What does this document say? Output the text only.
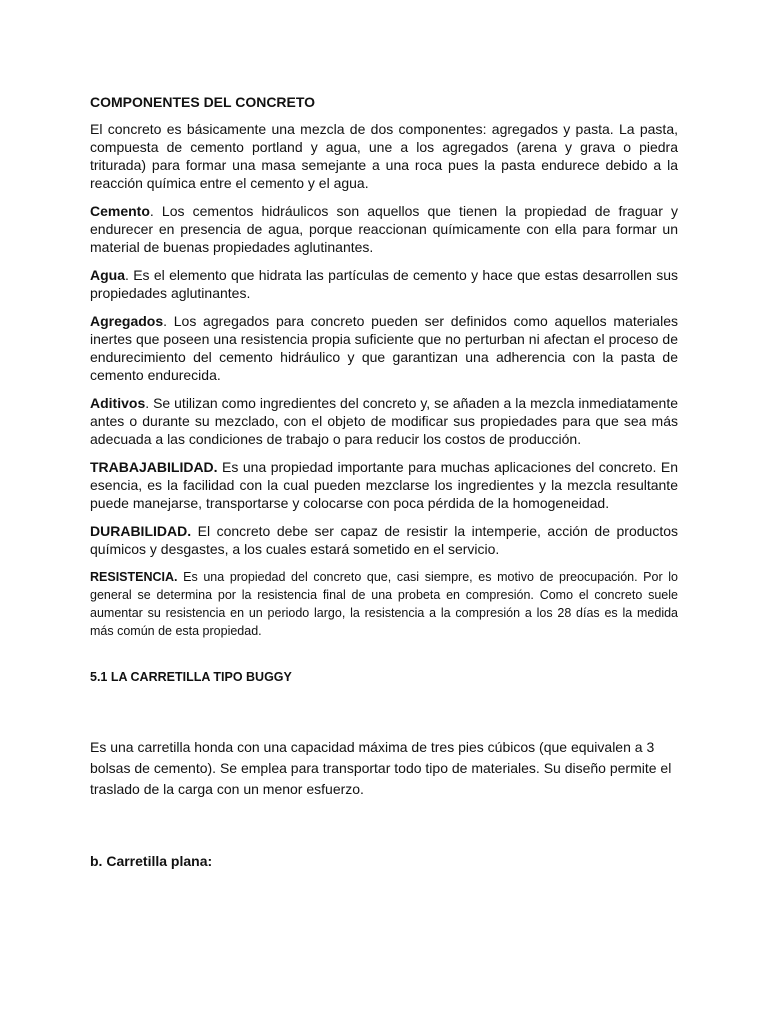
COMPONENTES DEL CONCRETO

El concreto es básicamente una mezcla de dos componentes: agregados y pasta. La pasta, compuesta de cemento portland y agua, une a los agregados (arena y grava o piedra triturada) para formar una masa semejante a una roca pues la pasta endurece debido a la reacción química entre el cemento y el agua.

Cemento. Los cementos hidráulicos son aquellos que tienen la propiedad de fraguar y endurecer en presencia de agua, porque reaccionan químicamente con ella para formar un material de buenas propiedades aglutinantes.

Agua. Es el elemento que hidrata las partículas de cemento y hace que estas desarrollen sus propiedades aglutinantes.

Agregados. Los agregados para concreto pueden ser definidos como aquellos materiales inertes que poseen una resistencia propia suficiente que no perturban ni afectan el proceso de endurecimiento del cemento hidráulico y que garantizan una adherencia con la pasta de cemento endurecida.

Aditivos. Se utilizan como ingredientes del concreto y, se añaden a la mezcla inmediatamente antes o durante su mezclado, con el objeto de modificar sus propiedades para que sea más adecuada a las condiciones de trabajo o para reducir los costos de producción.

TRABAJABILIDAD. Es una propiedad importante para muchas aplicaciones del concreto. En esencia, es la facilidad con la cual pueden mezclarse los ingredientes y la mezcla resultante puede manejarse, transportarse y colocarse con poca pérdida de la homogeneidad.

DURABILIDAD. El concreto debe ser capaz de resistir la intemperie, acción de productos químicos y desgastes, a los cuales estará sometido en el servicio.

RESISTENCIA. Es una propiedad del concreto que, casi siempre, es motivo de preocupación. Por lo general se determina por la resistencia final de una probeta en compresión. Como el concreto suele aumentar su resistencia en un periodo largo, la resistencia a la compresión a los 28 días es la medida más común de esta propiedad.

5.1 LA CARRETILLA TIPO BUGGY

Es una carretilla honda con una capacidad máxima de tres pies cúbicos (que equivalen a 3 bolsas de cemento). Se emplea para transportar todo tipo de materiales. Su diseño permite el traslado de la carga con un menor esfuerzo.

b. Carretilla plana:
